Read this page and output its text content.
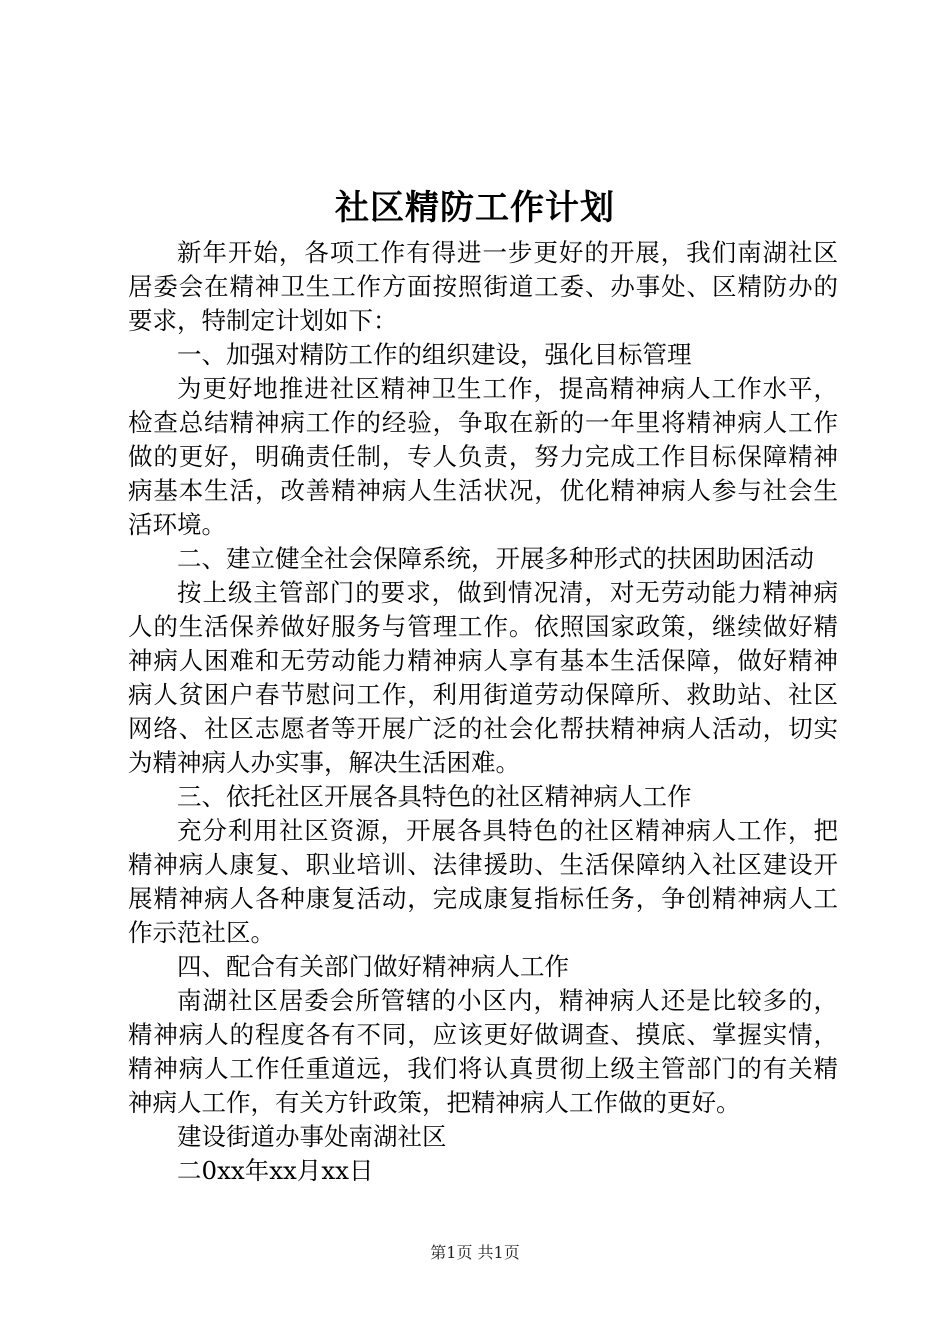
社区精防工作计划

新年开始，各项工作有得进一步更好的开展，我们南湖社区居委会在精神卫生工作方面按照街道工委、办事处、区精防办的要求，特制定计划如下：

一、加强对精防工作的组织建设，强化目标管理

为更好地推进社区精神卫生工作，提高精神病人工作水平，检查总结精神病工作的经验，争取在新的一年里将精神病人工作做的更好，明确责任制，专人负责，努力完成工作目标保障精神病基本生活，改善精神病人生活状况，优化精神病人参与社会生活环境。

二、建立健全社会保障系统，开展多种形式的扶困助困活动

按上级主管部门的要求，做到情况清，对无劳动能力精神病人的生活保养做好服务与管理工作。依照国家政策，继续做好精神病人困难和无劳动能力精神病人享有基本生活保障，做好精神病人贫困户春节慰问工作，利用街道劳动保障所、救助站、社区网络、社区志愿者等开展广泛的社会化帮扶精神病人活动，切实为精神病人办实事，解决生活困难。

三、依托社区开展各具特色的社区精神病人工作

充分利用社区资源，开展各具特色的社区精神病人工作，把精神病人康复、职业培训、法律援助、生活保障纳入社区建设开展精神病人各种康复活动，完成康复指标任务，争创精神病人工作示范社区。

四、配合有关部门做好精神病人工作

南湖社区居委会所管辖的小区内，精神病人还是比较多的，精神病人的程度各有不同，应该更好做调查、摸底、掌握实情，精神病人工作任重道远，我们将认真贯彻上级主管部门的有关精神病人工作，有关方针政策，把精神病人工作做的更好。

建设街道办事处南湖社区

二0xx年xx月xx日

第1页 共1页
